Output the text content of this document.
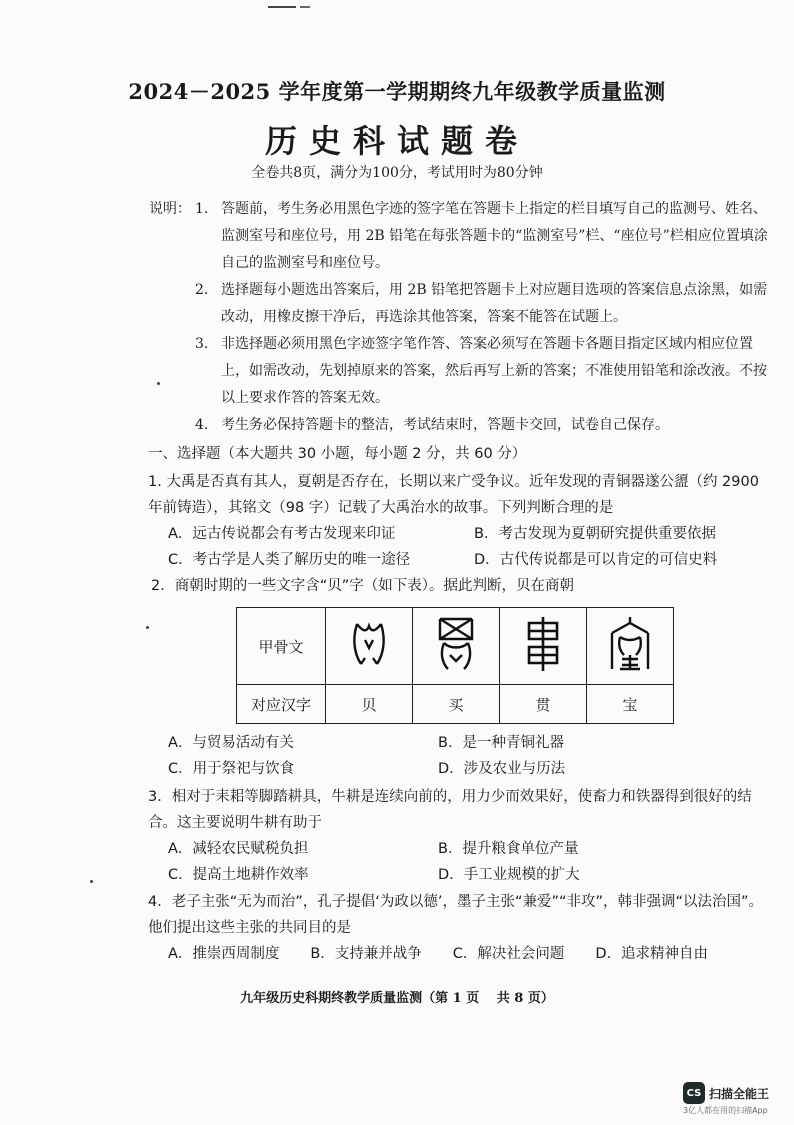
2024－2025 学年度第一学期期终九年级教学质量监测
历史科试题卷
全卷共8页，满分为100分，考试用时为80分钟
说明： 1. 答题前，考生务必用黑色字迹的签字笔在答题卡上指定的栏目填写自己的监测号、姓名、监测室号和座位号，用 2B 铅笔在每张答题卡的“监测室号”栏、“座位号”栏相应位置填涂自己的监测室号和座位号。
2. 选择题每小题选出答案后，用 2B 铅笔把答题卡上对应题目选项的答案信息点涂黑，如需改动，用橡皮擦干净后，再选涂其他答案，答案不能答在试题上。
3. 非选择题必须用黑色字迹签字笔作答、答案必须写在答题卡各题目指定区域内相应位置上，如需改动，先划掉原来的答案，然后再写上新的答案；不准使用铅笔和涂改液。不按以上要求作答的答案无效。
4. 考生务必保持答题卡的整洁，考试结束时，答题卡交回，试卷自己保存。
一、选择题（本大题共 30 小题，每小题 2 分，共 60 分）
1. 大禹是否真有其人，夏朝是否存在，长期以来广受争议。近年发现的青铜器遂公盨（约 2900 年前铸造），其铭文（98 字）记载了大禹治水的故事。下列判断合理的是
A．远古传说都会有考古发现来印证	B．考古发现为夏朝研究提供重要依据
C．考古学是人类了解历史的唯一途径	D．古代传说都是可以肯定的可信史料
2．商朝时期的一些文字含“贝”字（如下表）。据此判断，贝在商朝
甲骨文				
对应汉字	贝	买	贯	宝
A．与贸易活动有关	B．是一种青铜礼器
C．用于祭祀与饮食	D．涉及农业与历法
3．相对于耒耜等脚踏耕具，牛耕是连续向前的，用力少而效果好，使畜力和铁器得到很好的结合。这主要说明牛耕有助于
A．减轻农民赋税负担	B．提升粮食单位产量
C．提高土地耕作效率	D．手工业规模的扩大
4．老子主张“无为而治”，孔子提倡‘为政以德’，墨子主张“兼爱”“非攻”，韩非强调“以法治国”。他们提出这些主张的共同目的是
A．推崇西周制度 B．支持兼并战争 C．解决社会问题 D．追求精神自由
九年级历史科期终教学质量监测（第 1 页　 共 8 页）
CS 扫描全能王
3亿人都在用的扫描App
